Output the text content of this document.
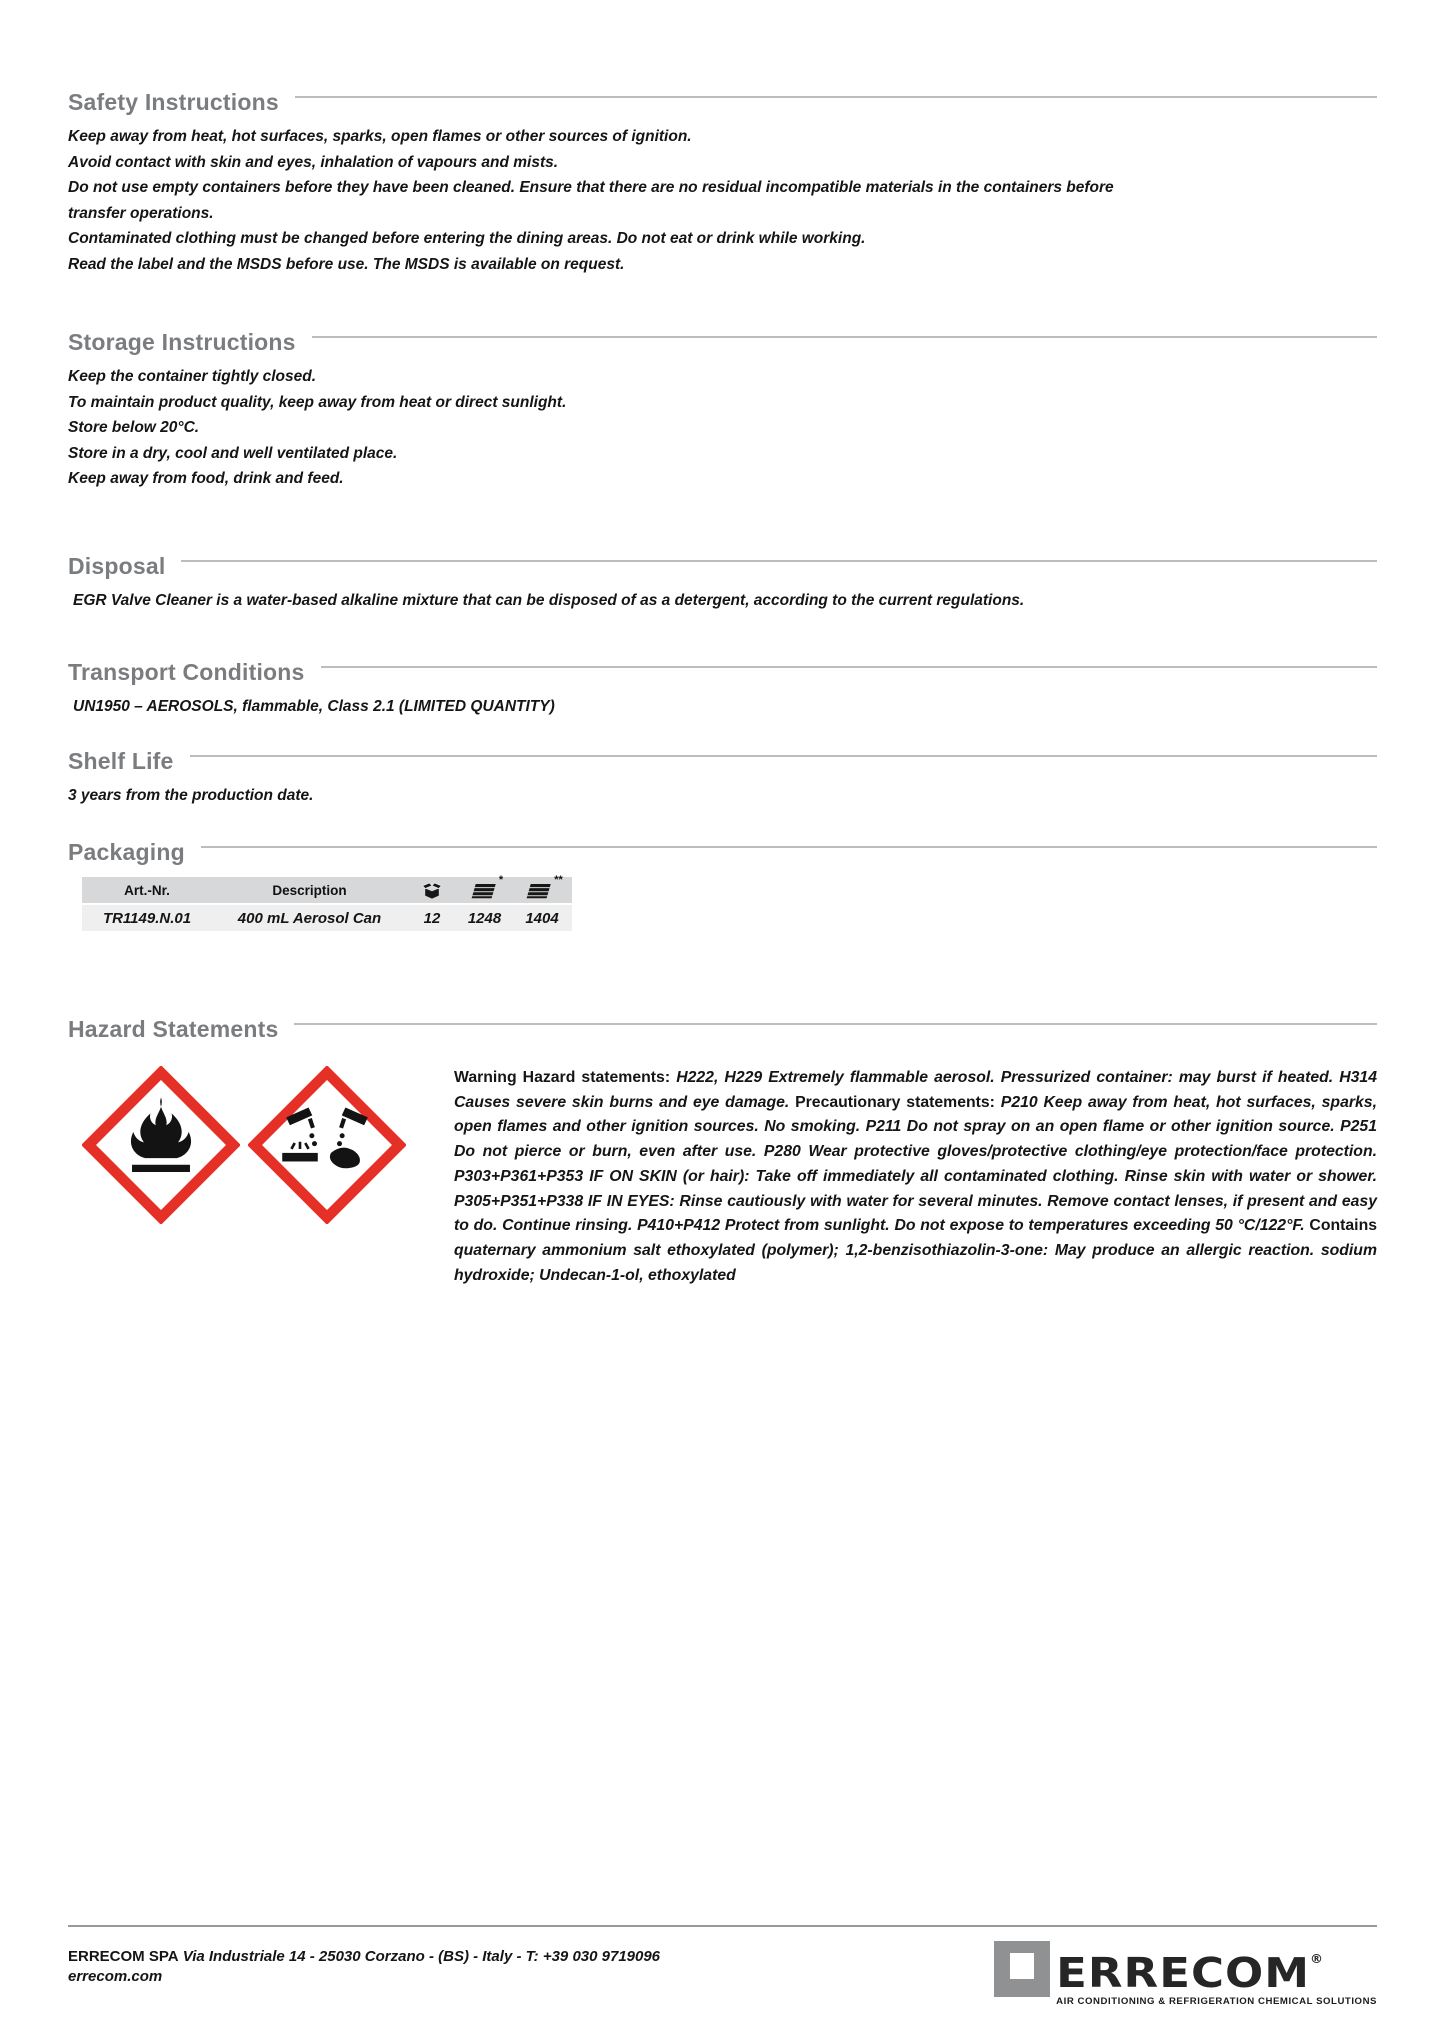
Safety Instructions
Keep away from heat, hot surfaces, sparks, open flames or other sources of ignition.
Avoid contact with skin and eyes, inhalation of vapours and mists.
Do not use empty containers before they have been cleaned. Ensure that there are no residual incompatible materials in the containers before
transfer operations.
Contaminated clothing must be changed before entering the dining areas. Do not eat or drink while working.
Read the label and the MSDS before use. The MSDS is available on request.
Storage Instructions
Keep the container tightly closed.
To maintain product quality, keep away from heat or direct sunlight.
Store below 20°C.
Store in a dry, cool and well ventilated place.
Keep away from food, drink and feed.
Disposal
EGR Valve Cleaner is a water-based alkaline mixture that can be disposed of as a detergent, according to the current regulations.
Transport Conditions
UN1950 – AEROSOLS, flammable, Class 2.1 (LIMITED QUANTITY)
Shelf Life
3 years from the production date.
Packaging
Art.-Nr.	Description		*	**
TR1149.N.01	400 mL Aerosol Can	12	1248	1404
Hazard Statements
Warning Hazard statements: H222, H229 Extremely flammable aerosol. Pressurized container: may burst if heated. H314 Causes severe skin burns and eye damage. Precautionary statements: P210 Keep away from heat, hot surfaces, sparks, open flames and other ignition sources. No smoking. P211 Do not spray on an open flame or other ignition source. P251 Do not pierce or burn, even after use. P280 Wear protective gloves/protective clothing/eye protection/face protection. P303+P361+P353 IF ON SKIN (or hair): Take off immediately all contaminated clothing. Rinse skin with water or shower. P305+P351+P338 IF IN EYES: Rinse cautiously with water for several minutes. Remove contact lenses, if present and easy to do. Continue rinsing. P410+P412 Protect from sunlight. Do not expose to temperatures exceeding 50 °C/122°F. Contains quaternary ammonium salt ethoxylated (polymer); 1,2-benzisothiazolin-3-one: May produce an allergic reaction. sodium hydroxide; Undecan-1-ol, ethoxylated
ERRECOM SPA Via Industriale 14 - 25030 Corzano - (BS) - Italy - T: +39 030 9719096
errecom.com	ERRECOM®
AIR CONDITIONING & REFRIGERATION CHEMICAL SOLUTIONS
